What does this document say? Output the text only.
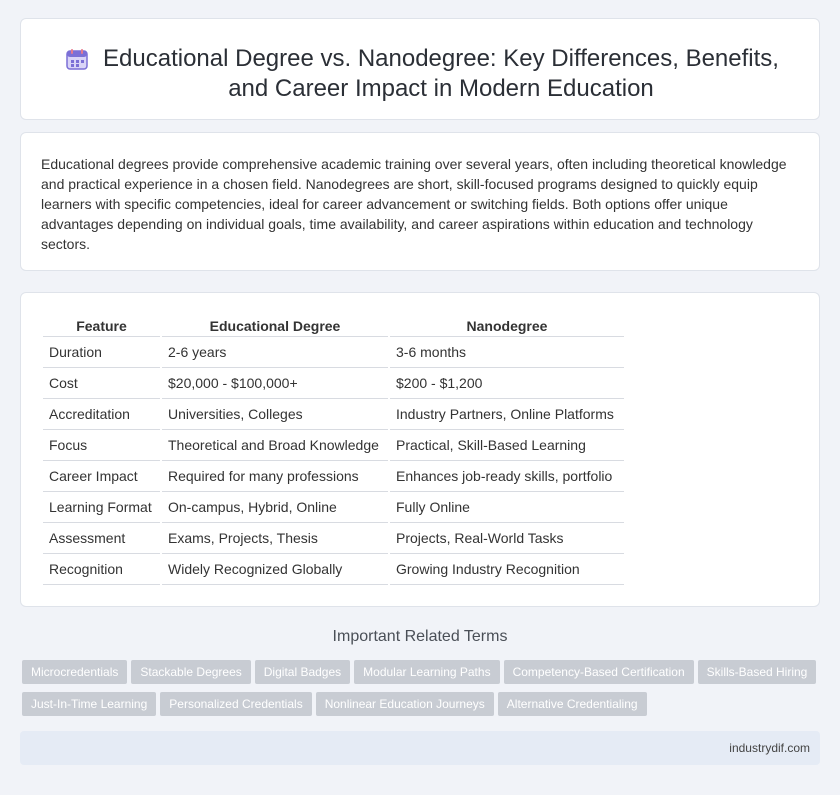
Educational Degree vs. Nanodegree: Key Differences, Benefits, and Career Impact in Modern Education

Educational degrees provide comprehensive academic training over several years, often including theoretical knowledge and practical experience in a chosen field. Nanodegrees are short, skill-focused programs designed to quickly equip learners with specific competencies, ideal for career advancement or switching fields. Both options offer unique advantages depending on individual goals, time availability, and career aspirations within education and technology sectors.

Feature	Educational Degree	Nanodegree
Duration	2-6 years	3-6 months
Cost	$20,000 - $100,000+	$200 - $1,200
Accreditation	Universities, Colleges	Industry Partners, Online Platforms
Focus	Theoretical and Broad Knowledge	Practical, Skill-Based Learning
Career Impact	Required for many professions	Enhances job-ready skills, portfolio
Learning Format	On-campus, Hybrid, Online	Fully Online
Assessment	Exams, Projects, Thesis	Projects, Real-World Tasks
Recognition	Widely Recognized Globally	Growing Industry Recognition
Important Related Terms
Microcredentials Stackable Degrees Digital Badges Modular Learning Paths Competency-Based Certification Skills-Based Hiring
Just-In-Time Learning Personalized Credentials Nonlinear Education Journeys Alternative Credentialing
industrydif.com
